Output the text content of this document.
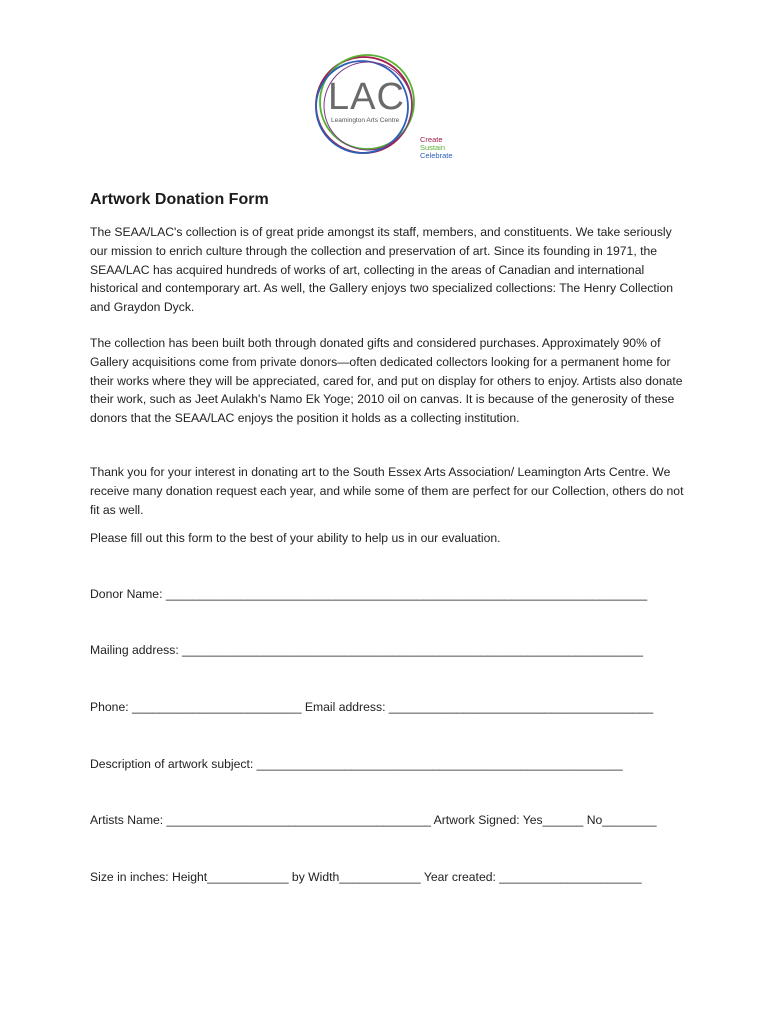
LAC
Leamington Arts Centre
Create
Sustain
Celebrate
Artwork Donation Form

The SEAA/LAC's collection is of great pride amongst its staff, members, and constituents. We take seriously our mission to enrich culture through the collection and preservation of art. Since its founding in 1971, the SEAA/LAC has acquired hundreds of works of art, collecting in the areas of Canadian and international historical and contemporary art. As well, the Gallery enjoys two specialized collections: The Henry Collection and Graydon Dyck.

The collection has been built both through donated gifts and considered purchases. Approximately 90% of Gallery acquisitions come from private donors—often dedicated collectors looking for a permanent home for their works where they will be appreciated, cared for, and put on display for others to enjoy. Artists also donate their work, such as Jeet Aulakh's Namo Ek Yoge; 2010 oil on canvas. It is because of the generosity of these donors that the SEAA/LAC enjoys the position it holds as a collecting institution.

Thank you for your interest in donating art to the South Essex Arts Association/ Leamington Arts Centre. We receive many donation request each year, and while some of them are perfect for our Collection, others do not fit as well.

Please fill out this form to the best of your ability to help us in our evaluation.

Donor Name: _______________________________________________________________________
Mailing address: ____________________________________________________________________
Phone: _________________________ Email address: _______________________________________
Description of artwork subject: ______________________________________________________
Artists Name: _______________________________________ Artwork Signed: Yes______ No________
Size in inches: Height____________ by Width____________ Year created: _____________________
